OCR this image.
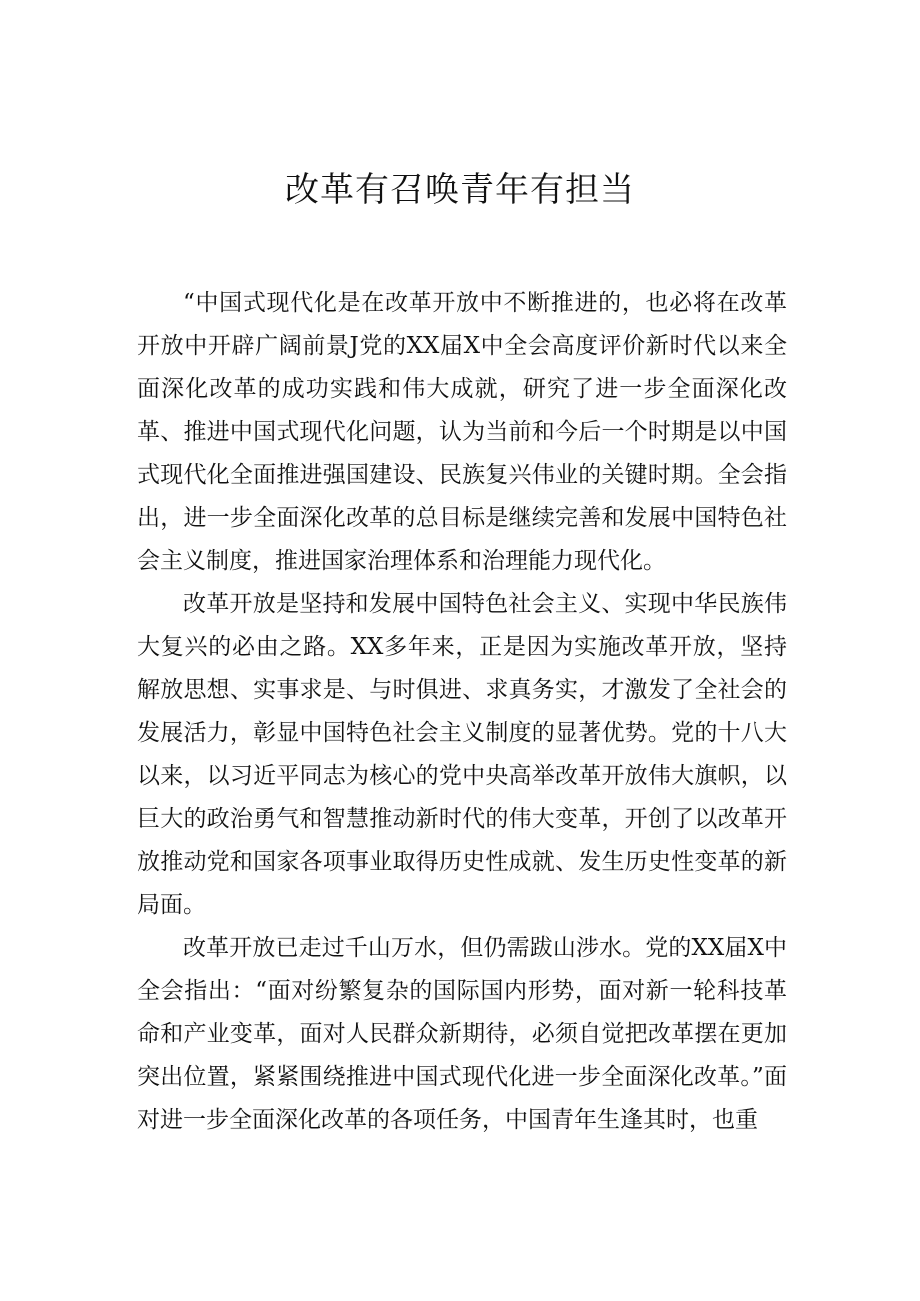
改革有召唤青年有担当

“中国式现代化是在改革开放中不断推进的，也必将在改革开放中开辟广阔前景J党的XX届X中全会高度评价新时代以来全面深化改革的成功实践和伟大成就，研究了进一步全面深化改革、推进中国式现代化问题，认为当前和今后一个时期是以中国式现代化全面推进强国建设、民族复兴伟业的关键时期。全会指出，进一步全面深化改革的总目标是继续完善和发展中国特色社会主义制度，推进国家治理体系和治理能力现代化。

改革开放是坚持和发展中国特色社会主义、实现中华民族伟大复兴的必由之路。XX多年来，正是因为实施改革开放，坚持解放思想、实事求是、与时俱进、求真务实，才激发了全社会的发展活力，彰显中国特色社会主义制度的显著优势。党的十八大以来，以习近平同志为核心的党中央高举改革开放伟大旗帜，以巨大的政治勇气和智慧推动新时代的伟大变革，开创了以改革开放推动党和国家各项事业取得历史性成就、发生历史性变革的新局面。

改革开放已走过千山万水，但仍需跋山涉水。党的XX届X中全会指出：“面对纷繁复杂的国际国内形势，面对新一轮科技革命和产业变革，面对人民群众新期待，必须自觉把改革摆在更加突出位置，紧紧围绕推进中国式现代化进一步全面深化改革。”面对进一步全面深化改革的各项任务，中国青年生逢其时，也重
